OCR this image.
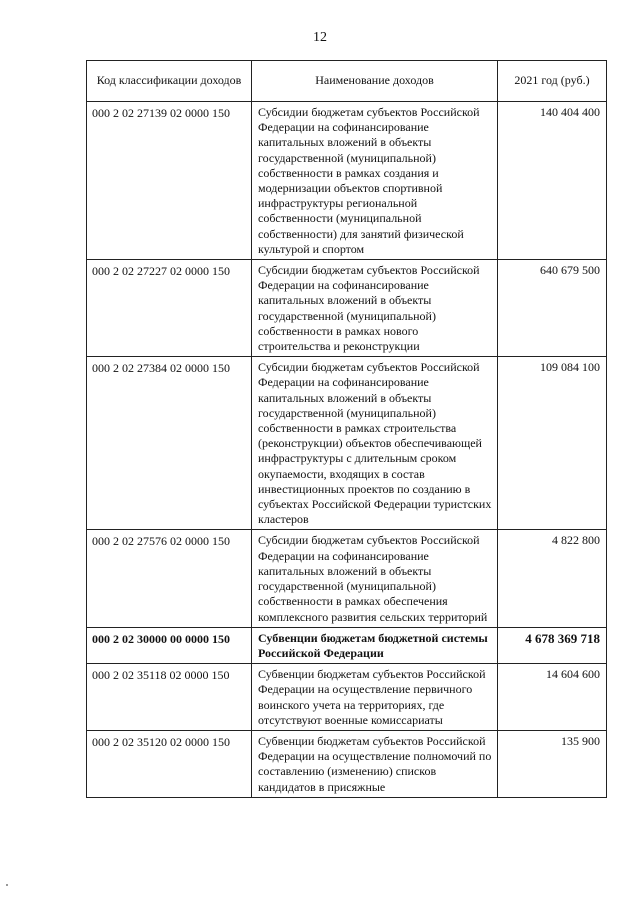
12
Код классификации доходов	Наименование доходов	2021 год (руб.)
000 2 02 27139 02 0000 150	Субсидии бюджетам субъектов Российской Федерации на софинансирование капитальных вложений в объекты государственной (муниципальной) собственности в рамках создания и модернизации объектов спортивной инфраструктуры региональной собственности (муниципальной собственности) для занятий физической культурой и спортом	140 404 400
000 2 02 27227 02 0000 150	Субсидии бюджетам субъектов Российской Федерации на софинансирование капитальных вложений в объекты государственной (муниципальной) собственности в рамках нового строительства и реконструкции	640 679 500
000 2 02 27384 02 0000 150	Субсидии бюджетам субъектов Российской Федерации на софинансирование капитальных вложений в объекты государственной (муниципальной) собственности в рамках строительства (реконструкции) объектов обеспечивающей инфраструктуры с длительным сроком окупаемости, входящих в состав инвестиционных проектов по созданию в субъектах Российской Федерации туристских кластеров	109 084 100
000 2 02 27576 02 0000 150	Субсидии бюджетам субъектов Российской Федерации на софинансирование капитальных вложений в объекты государственной (муниципальной) собственности в рамках обеспечения комплексного развития сельских территорий	4 822 800
000 2 02 30000 00 0000 150	Субвенции бюджетам бюджетной системы Российской Федерации	4 678 369 718
000 2 02 35118 02 0000 150	Субвенции бюджетам субъектов Российской Федерации на осуществление первичного воинского учета на территориях, где отсутствуют военные комиссариаты	14 604 600
000 2 02 35120 02 0000 150	Субвенции бюджетам субъектов Российской Федерации на осуществление полномочий по составлению (изменению) списков кандидатов в присяжные	135 900
